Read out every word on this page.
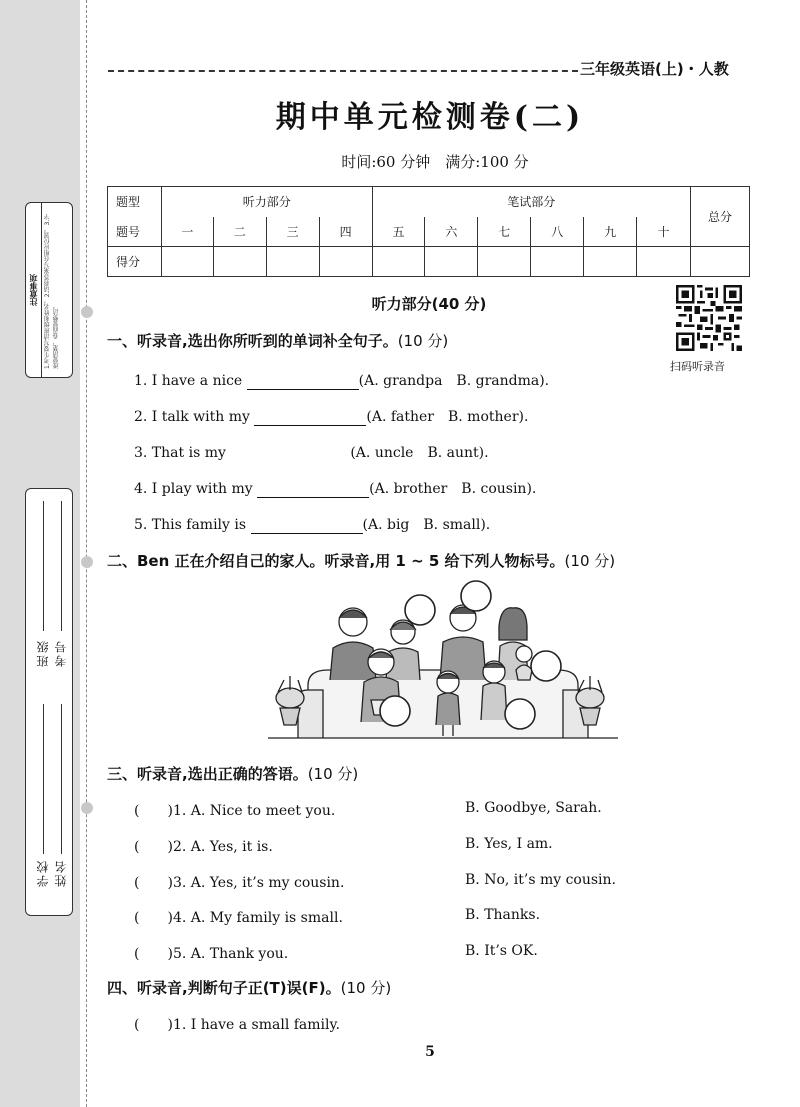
注意事项	1.考生要写清班级和姓名。2.请将答案写在相应位置。3.字迹要清楚，卷面要整洁。
班级 考号
学校 姓名
三年级英语(上)・人教
期中单元检测卷(二)
时间:60 分钟　满分:100 分
题型	听力部分				笔试部分						总分
题号	一	二	三	四	五	六	七	八	九	十	
得分											
扫码听录音
听力部分(40 分)
一、听录音,选出你所听到的单词补全句子。(10 分)
1. I have a nice	(A. grandpa　B. grandma).
2. I talk with my	(A. father　B. mother).
3. That is my	(A. uncle　B. aunt).
4. I play with my	(A. brother　B. cousin).
5. This family is	(A. big　B. small).
二、Ben 正在介绍自己的家人。听录音,用 1 ~ 5 给下列人物标号。(10 分)
三、听录音,选出正确的答语。(10 分)
(　　)1. A. Nice to meet you.	B. Goodbye, Sarah.
(　　)2. A. Yes, it is.	B. Yes, I am.
(　　)3. A. Yes, it’s my cousin.	B. No, it’s my cousin.
(　　)4. A. My family is small.	B. Thanks.
(　　)5. A. Thank you.	B. It’s OK.
四、听录音,判断句子正(T)误(F)。(10 分)
(　　)1. I have a small family.
5
